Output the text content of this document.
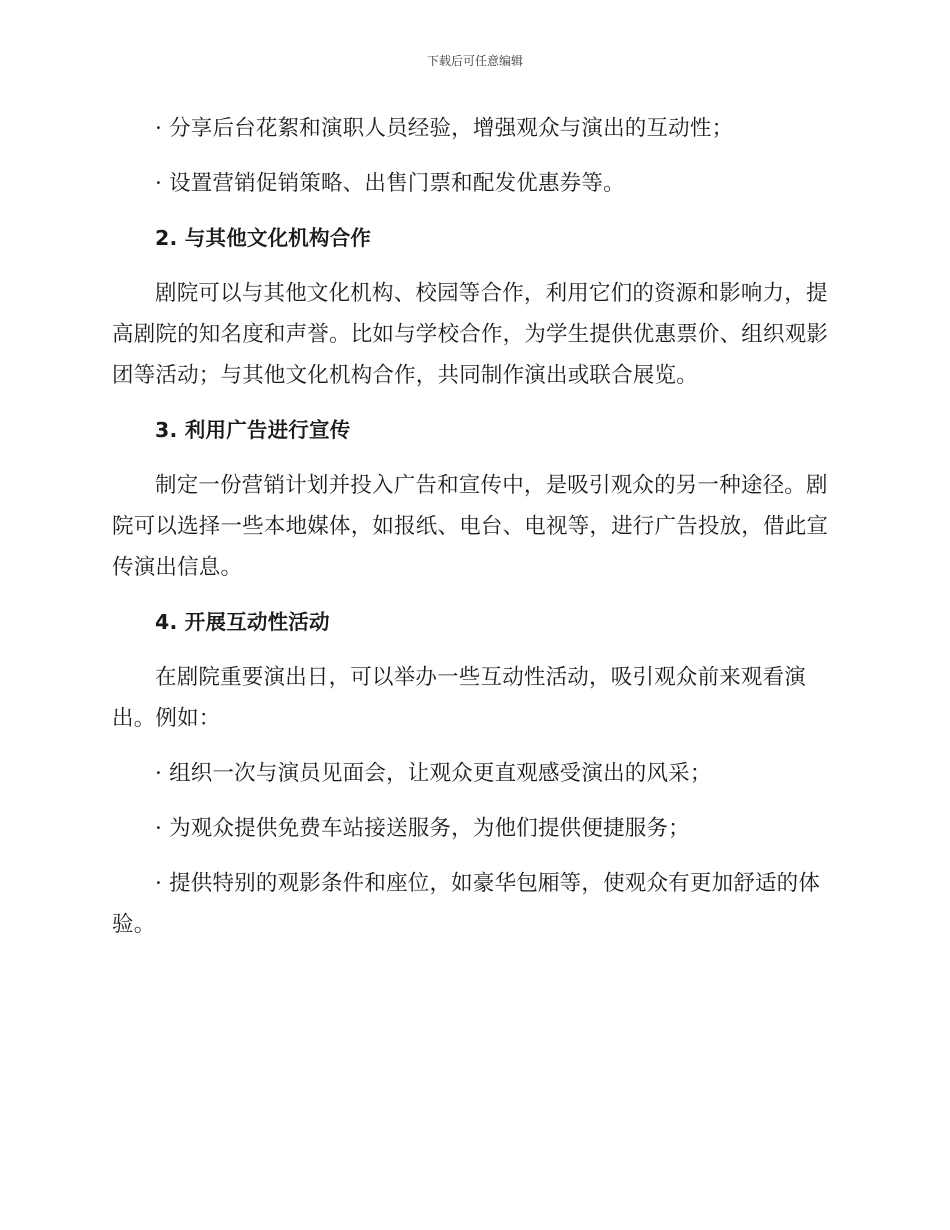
下载后可任意编辑
· 分享后台花絮和演职人员经验，增强观众与演出的互动性；
· 设置营销促销策略、出售门票和配发优惠券等。
2. 与其他文化机构合作
剧院可以与其他文化机构、校园等合作，利用它们的资源和影响力，提高剧院的知名度和声誉。比如与学校合作，为学生提供优惠票价、组织观影团等活动；与其他文化机构合作，共同制作演出或联合展览。
3. 利用广告进行宣传
制定一份营销计划并投入广告和宣传中，是吸引观众的另一种途径。剧院可以选择一些本地媒体，如报纸、电台、电视等，进行广告投放，借此宣传演出信息。
4. 开展互动性活动
在剧院重要演出日，可以举办一些互动性活动，吸引观众前来观看演出。例如：
· 组织一次与演员见面会，让观众更直观感受演出的风采；
· 为观众提供免费车站接送服务，为他们提供便捷服务；
· 提供特别的观影条件和座位，如豪华包厢等，使观众有更加舒适的体验。
